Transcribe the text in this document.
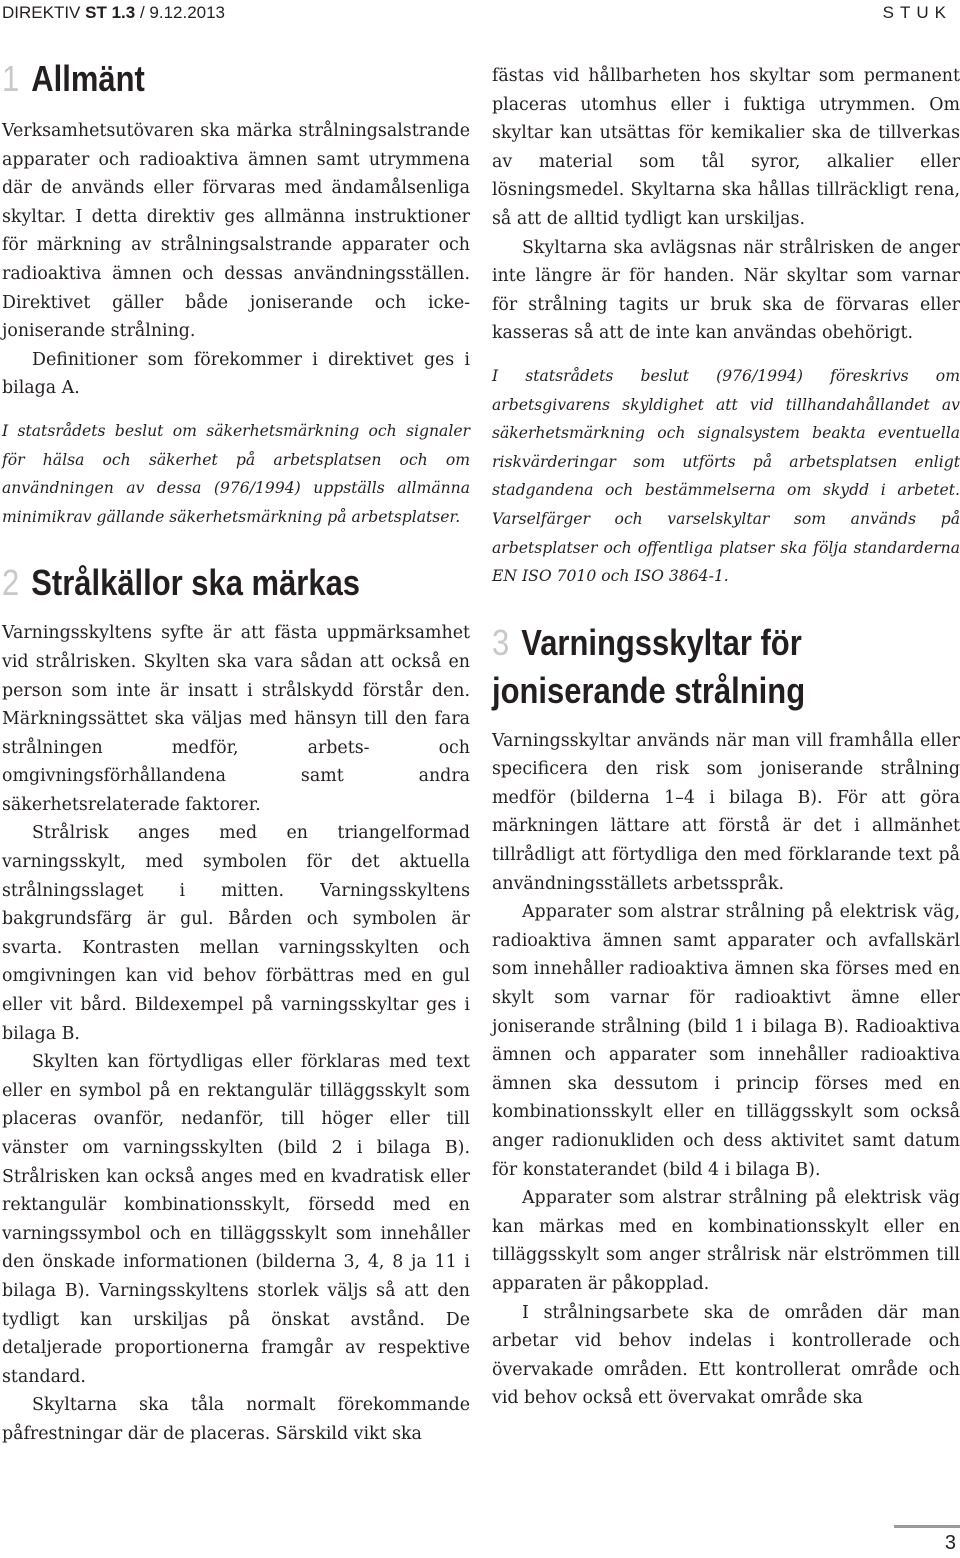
DIREKTIV ST 1.3 / 9.12.2013	STUK
1 Allmänt

Verksamhetsutövaren ska märka strålningsalstrande apparater och radioaktiva ämnen samt utrymmena där de används eller förvaras med ändamålsenliga skyltar. I detta direktiv ges allmänna instruktioner för märkning av strålningsalstrande apparater och radioaktiva ämnen och dessas användningsställen. Direktivet gäller både joniserande och icke-joniserande strålning.

Definitioner som förekommer i direktivet ges i bilaga A.

I statsrådets beslut om säkerhetsmärkning och signaler för hälsa och säkerhet på arbetsplatsen och om användningen av dessa (976/1994) uppställs allmänna minimikrav gällande säkerhetsmärkning på arbetsplatser.

2 Strålkällor ska märkas

Varningsskyltens syfte är att fästa uppmärksamhet vid strålrisken. Skylten ska vara sådan att också en person som inte är insatt i strålskydd förstår den. Märkningssättet ska väljas med hänsyn till den fara strålningen medför, arbets- och omgivningsförhållandena samt andra säkerhetsrelaterade faktorer.

Strålrisk anges med en triangelformad varningsskylt, med symbolen för det aktuella strålningsslaget i mitten. Varningsskyltens bakgrundsfärg är gul. Bården och symbolen är svarta. Kontrasten mellan varningsskylten och omgivningen kan vid behov förbättras med en gul eller vit bård. Bildexempel på varningsskyltar ges i bilaga B.

Skylten kan förtydligas eller förklaras med text eller en symbol på en rektangulär tilläggsskylt som placeras ovanför, nedanför, till höger eller till vänster om varningsskylten (bild 2 i bilaga B). Strålrisken kan också anges med en kvadratisk eller rektangulär kombinationsskylt, försedd med en varningssymbol och en tilläggsskylt som innehåller den önskade informationen (bilderna 3, 4, 8 ja 11 i bilaga B). Varningsskyltens storlek väljs så att den tydligt kan urskiljas på önskat avstånd. De detaljerade proportionerna framgår av respektive standard.

Skyltarna ska tåla normalt förekommande påfrestningar där de placeras. Särskild vikt ska

fästas vid hållbarheten hos skyltar som permanent placeras utomhus eller i fuktiga utrymmen. Om skyltar kan utsättas för kemikalier ska de tillverkas av material som tål syror, alkalier eller lösningsmedel. Skyltarna ska hållas tillräckligt rena, så att de alltid tydligt kan urskiljas.

Skyltarna ska avlägsnas när strålrisken de anger inte längre är för handen. När skyltar som varnar för strålning tagits ur bruk ska de förvaras eller kasseras så att de inte kan användas obehörigt.

I statsrådets beslut (976/1994) föreskrivs om arbetsgivarens skyldighet att vid tillhandahållandet av säkerhetsmärkning och signalsystem beakta eventuella riskvärderingar som utförts på arbetsplatsen enligt stadgandena och bestämmelserna om skydd i arbetet. Varselfärger och varselskyltar som används på arbetsplatser och offentliga platser ska följa standarderna EN ISO 7010 och ISO 3864-1.

3 Varningsskyltar för
joniserande strålning

Varningsskyltar används när man vill framhålla eller specificera den risk som joniserande strålning medför (bilderna 1–4 i bilaga B). För att göra märkningen lättare att förstå är det i allmänhet tillrådligt att förtydliga den med förklarande text på användningsställets arbetsspråk.

Apparater som alstrar strålning på elektrisk väg, radioaktiva ämnen samt apparater och avfallskärl som innehåller radioaktiva ämnen ska förses med en skylt som varnar för radioaktivt ämne eller joniserande strålning (bild 1 i bilaga B). Radioaktiva ämnen och apparater som innehåller radioaktiva ämnen ska dessutom i princip förses med en kombinationsskylt eller en tilläggsskylt som också anger radionukliden och dess aktivitet samt datum för konstaterandet (bild 4 i bilaga B).

Apparater som alstrar strålning på elektrisk väg kan märkas med en kombinationsskylt eller en tilläggsskylt som anger strålrisk när elströmmen till apparaten är påkopplad.

I strålningsarbete ska de områden där man arbetar vid behov indelas i kontrollerade och övervakade områden. Ett kontrollerat område och vid behov också ett övervakat område ska

3
